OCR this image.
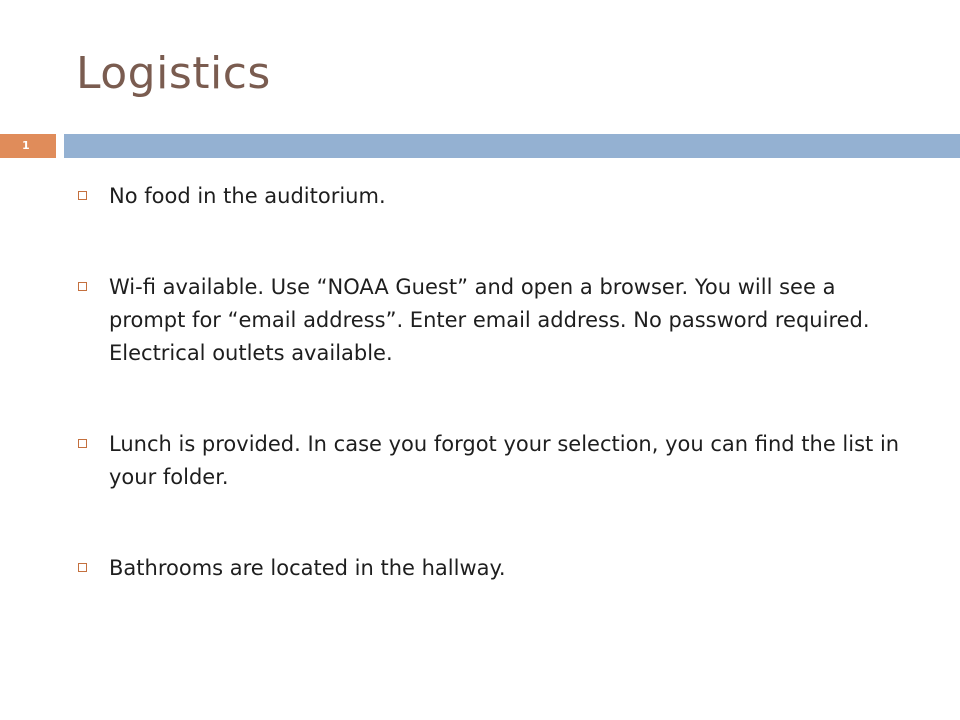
Logistics
1
No food in the auditorium.
Wi-fi available. Use “NOAA Guest” and open a browser. You will see a prompt for “email address”. Enter email address. No password required. Electrical outlets available.
Lunch is provided. In case you forgot your selection, you can find the list in your folder.
Bathrooms are located in the hallway.
